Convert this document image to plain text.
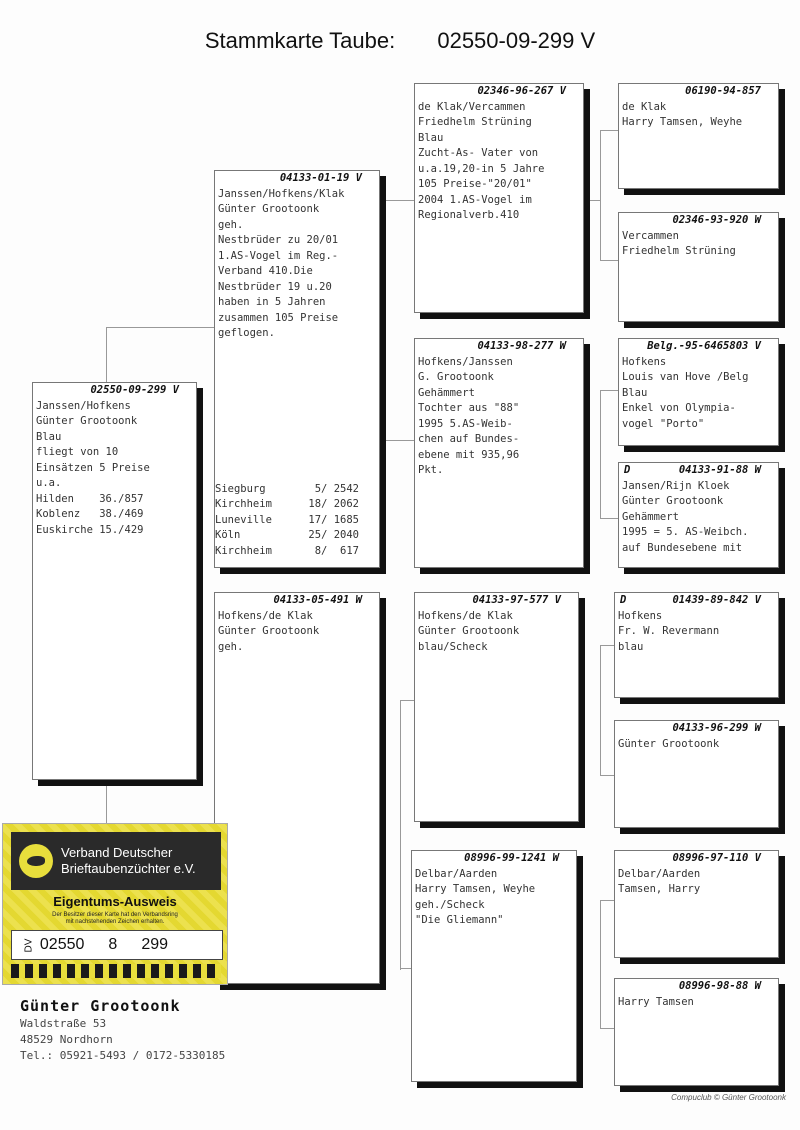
Stammkarte Taube: 02550-09-299 V
02550-09-299 V
Janssen/Hofkens
Günter Grootoonk
Blau
fliegt von 10
Einsätzen 5 Preise
u.a.
Hilden    36./857
Koblenz   38./469
Euskirche 15./429
04133-01-19 V
Janssen/Hofkens/Klak
Günter Grootoonk
geh.
Nestbrüder zu 20/01
1.AS-Vogel im Reg.-
Verband 410.Die
Nestbrüder 19 u.20
haben in 5 Jahren
zusammen 105 Preise
geflogen.
Siegburg	5/ 2542
Kirchheim	18/ 2062
Luneville	17/ 1685
Köln	25/ 2040
Kirchheim	8/  617
04133-05-491 W
Hofkens/de Klak
Günter Grootoonk
geh.
02346-96-267 V
de Klak/Vercammen
Friedhelm Strüning
Blau
Zucht-As- Vater von
u.a.19,20-in 5 Jahre
105 Preise-"20/01"
2004 1.AS-Vogel im
Regionalverb.410
04133-98-277 W
Hofkens/Janssen
G. Grootoonk
Gehämmert
Tochter aus "88"
1995 5.AS-Weib-
chen auf Bundes-
ebene mit 935,96
Pkt.
04133-97-577 V
Hofkens/de Klak
Günter Grootoonk
blau/Scheck
08996-99-1241 W
Delbar/Aarden
Harry Tamsen, Weyhe
geh./Scheck
"Die Gliemann"
06190-94-857
de Klak
Harry Tamsen, Weyhe
02346-93-920 W
Vercammen
Friedhelm Strüning
Belg.-95-6465803 V
Hofkens
Louis van Hove /Belg
Blau
Enkel von Olympia-
vogel "Porto"
D	04133-91-88 W
Jansen/Rijn Kloek
Günter Grootoonk
Gehämmert
1995 = 5. AS-Weibch.
auf Bundesebene mit
D	01439-89-842 V
Hofkens
Fr. W. Revermann
blau
04133-96-299 W
Günter Grootoonk
08996-97-110 V
Delbar/Aarden
Tamsen, Harry
08996-98-88 W
Harry Tamsen
Verband Deutscher
Brieftaubenzüchter e.V.
Eigentums-Ausweis
Der Besitzer dieser Karte hat den Verbandsring
mit nachstehenden Zeichen erhalten.
DV 02550 8 299
Günter Grootoonk
Waldstraße 53
48529 Nordhorn
Tel.: 05921-5493 / 0172-5330185
Compuclub © Günter Grootoonk
